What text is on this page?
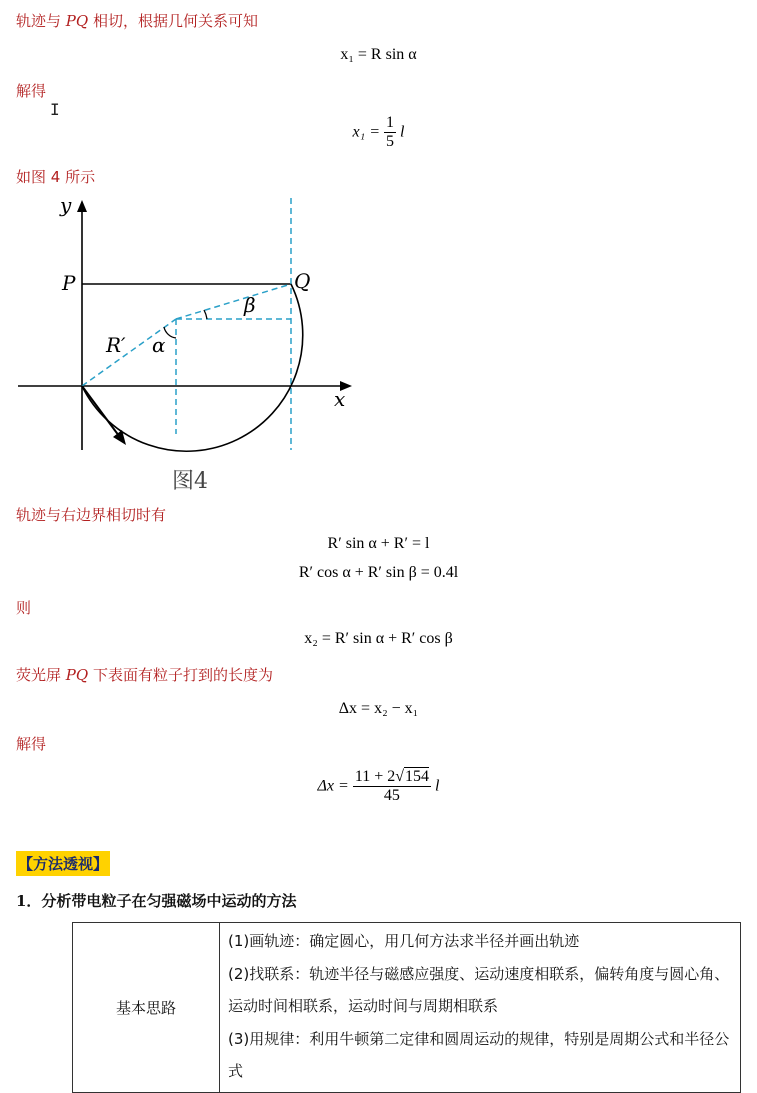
轨迹与 PQ 相切，根据几何关系可知
x₁ = R sin α
解得
I
$x_1 = \frac{1}{5}$ l
如图 4 所示
y
x
P	Q
β
R′ α
图4
轨迹与右边界相切时有
R′ sin α + R′ = l
R′ cos α + R′ sin β = 0.4l
则
x₂ = R′ sin α + R′ cos β
荧光屏 PQ 下表面有粒子打到的长度为
Δx = x₂ − x₁
解得
$\Delta x = \frac{11 + 2√154}{45}$ l
【方法透视】
1．分析带电粒子在匀强磁场中运动的方法
基本思路	
(1)画轨迹：确定圆心，用几何方法求半径并画出轨迹
(2)找联系：轨迹半径与磁感应强度、运动速度相联系，偏转角度与圆心角、运动时间相联系，运动时间与周期相联系
(3)用规律：利用牛顿第二定律和圆周运动的规律，特别是周期公式和半径公式
